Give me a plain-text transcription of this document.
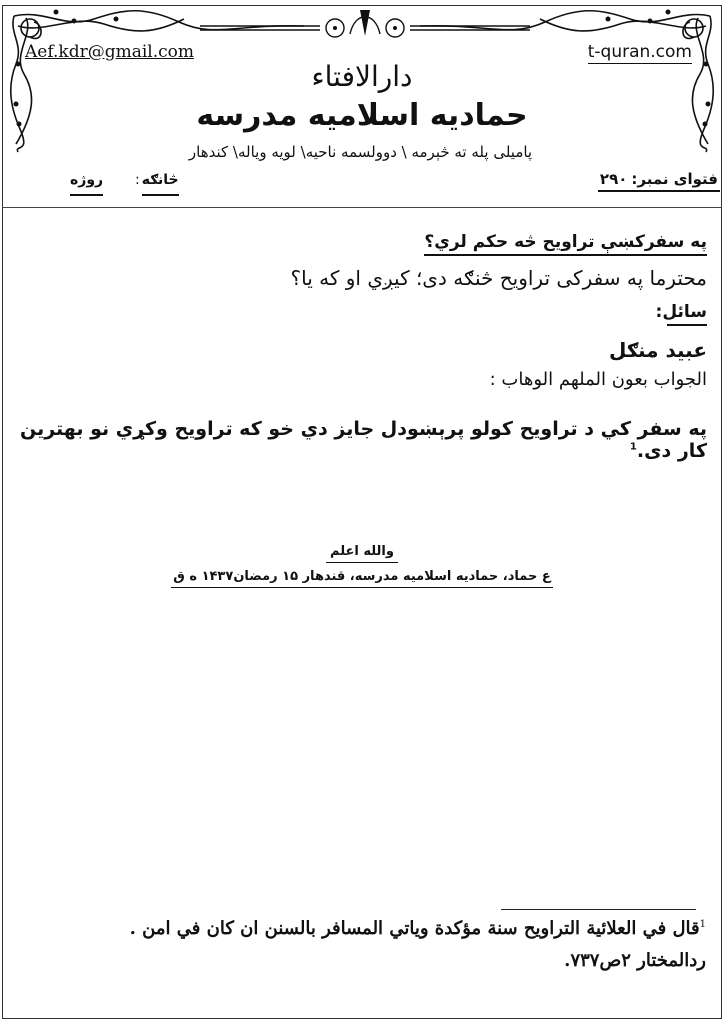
Aef.kdr@gmail.com	t-quran.com
دارالافتاء
حمادیه اسلامیه مدرسه
پامیلی پله ته څېرمه \ دوولسمه ناحیه\ لویه ویاله\ کندهار
فتوای نمبر:۲۹۰
څانګه:
روژه
په سفرکښې تراویح څه حکم لري؟
محترما په سفرکی تراویح څنګه دی؛ کیږي او که یا؟
سائل:
عبید منګل
الجواب بعون الملهم الوهاب :
په سفر کي د تراویح کولو پرېښودل جایز دي خو که تراویح وکړي نو بهترین کار دی.$^1$
والله اعلم
ع حماد، حمادیه اسلامیه مدرسه، قندهار ۱۵ رمضان۱۴۳۷ ه ق
$^1$قال في العلائية التراويح سنة مؤكدة وياتي المسافر بالسنن ان كان في امن .
ردالمختار ۲ص۷۳۷.
